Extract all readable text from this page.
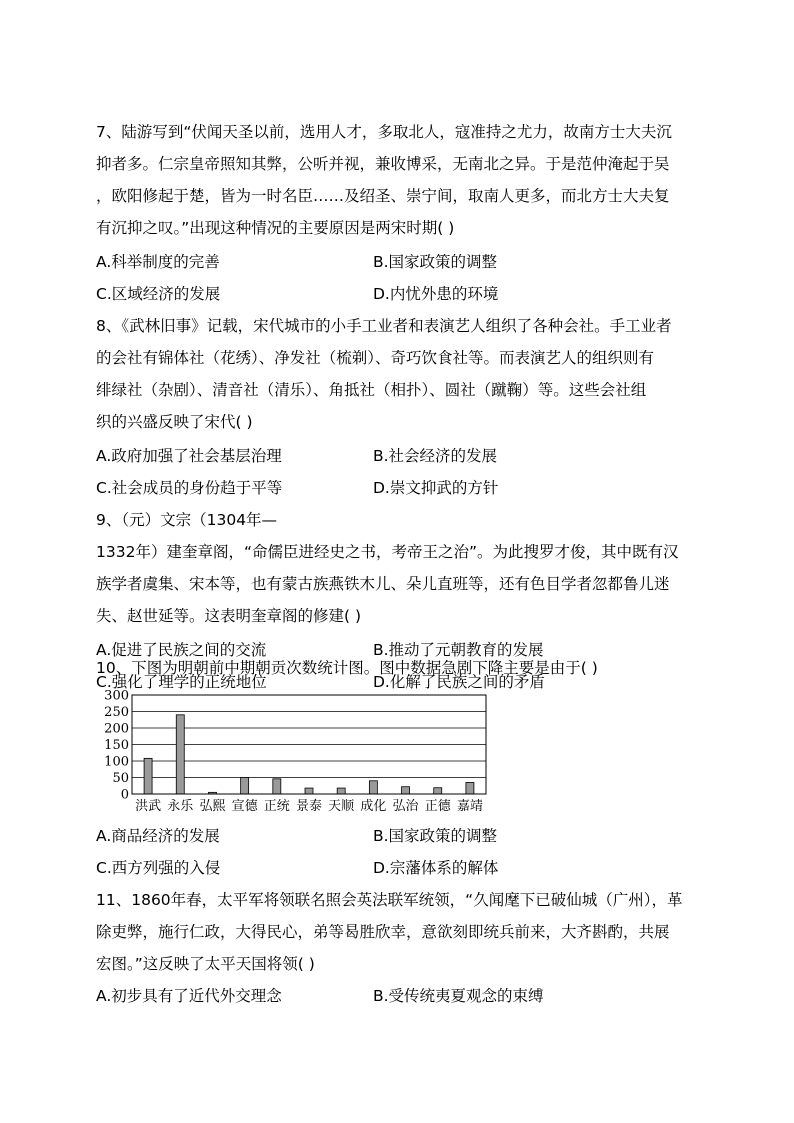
7、陆游写到“伏闻天圣以前，选用人才，多取北人，寇准持之尤力，故南方士大夫沉
抑者多。仁宗皇帝照知其弊，公听并视，兼收博采，无南北之异。于是范仲淹起于吴
，欧阳修起于楚，皆为一时名臣……及绍圣、崇宁间，取南人更多，而北方士大夫复
有沉抑之叹。”出现这种情况的主要原因是两宋时期( )
A.科举制度的完善	B.国家政策的调整
C.区域经济的发展	D.内忧外患的环境
8、《武林旧事》记载，宋代城市的小手工业者和表演艺人组织了各种会社。手工业者
的会社有锦体社（花绣）、净发社（梳剃）、奇巧饮食社等。而表演艺人的组织则有
绯绿社（杂剧）、清音社（清乐）、角抵社（相扑）、圆社（蹴鞠）等。这些会社组
织的兴盛反映了宋代( )
A.政府加强了社会基层治理	B.社会经济的发展
C.社会成员的身份趋于平等	D.崇文抑武的方针
9、（元）文宗（1304年—
1332年）建奎章阁，“命儒臣进经史之书，考帝王之治”。为此搜罗才俊，其中既有汉
族学者虞集、宋本等，也有蒙古族燕铁木儿、朵儿直班等，还有色目学者忽都鲁儿迷
失、赵世延等。这表明奎章阁的修建( )
A.促进了民族之间的交流	B.推动了元朝教育的发展
C.强化了理学的正统地位	D.化解了民族之间的矛盾
10、下图为明朝前中期朝贡次数统计图。图中数据急剧下降主要是由于( )
0
50
100
150
200
250
300
洪武 永乐 弘熙 宣德 正统 景泰 天顺 成化 弘治 正德 嘉靖
A.商品经济的发展	B.国家政策的调整
C.西方列强的入侵	D.宗藩体系的解体
11、1860年春，太平军将领联名照会英法联军统领，“久闻麾下已破仙城（广州），革
除吏弊，施行仁政，大得民心，弟等曷胜欣幸，意欲刻即统兵前来，大齐斟酌，共展
宏图。”这反映了太平天国将领( )
A.初步具有了近代外交理念	B.受传统夷夏观念的束缚
